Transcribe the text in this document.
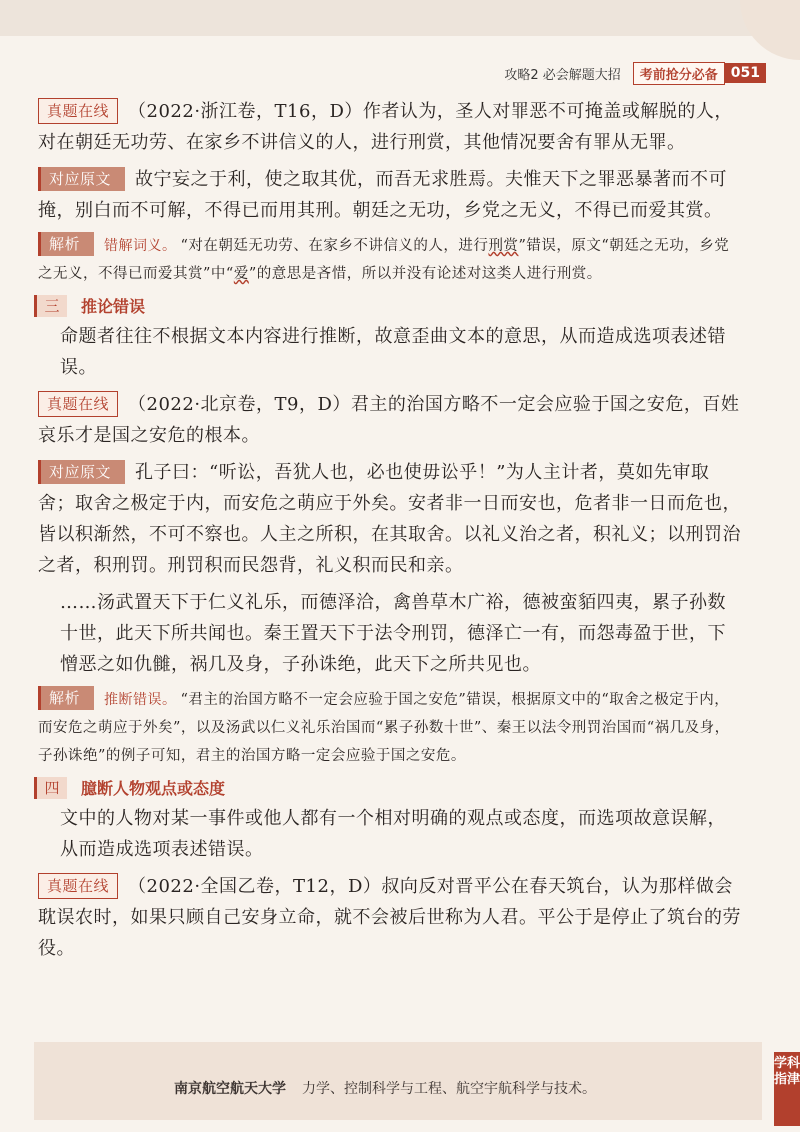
攻略2 必会解题大招	考前抢分必备 051

真题在线 （2022·浙江卷，T16，D）作者认为，圣人对罪恶不可掩盖或解脱的人，对在朝廷无功劳、在家乡不讲信义的人，进行刑赏，其他情况要舍有罪从无罪。

对应原文 故宁妄之于利，使之取其优，而吾无求胜焉。夫惟天下之罪恶暴著而不可掩，别白而不可解，不得已而用其刑。朝廷之无功，乡党之无义，不得已而爱其赏。

解析 错解词义。 “对在朝廷无功劳、在家乡不讲信义的人，进行刑赏”错误，原文“朝廷之无功，乡党之无义，不得已而爱其赏”中“爱”的意思是吝惜，所以并没有论述对这类人进行刑赏。

三	推论错误

命题者往往不根据文本内容进行推断，故意歪曲文本的意思，从而造成选项表述错误。

真题在线 （2022·北京卷，T9，D）君主的治国方略不一定会应验于国之安危，百姓哀乐才是国之安危的根本。

对应原文 孔子曰：“听讼，吾犹人也，必也使毋讼乎！”为人主计者，莫如先审取舍；取舍之极定于内，而安危之萌应于外矣。安者非一日而安也，危者非一日而危也，皆以积渐然，不可不察也。人主之所积，在其取舍。以礼义治之者，积礼义；以刑罚治之者，积刑罚。刑罚积而民怨背，礼义积而民和亲。

……汤武置天下于仁义礼乐，而德泽洽，禽兽草木广裕，德被蛮貊四夷，累子孙数十世，此天下所共闻也。秦王置天下于法令刑罚，德泽亡一有，而怨毒盈于世，下憎恶之如仇雠，祸几及身，子孙诛绝，此天下之所共见也。

解析 推断错误。 “君主的治国方略不一定会应验于国之安危”错误，根据原文中的“取舍之极定于内，而安危之萌应于外矣”，以及汤武以仁义礼乐治国而“累子孙数十世”、秦王以法令刑罚治国而“祸几及身，子孙诛绝”的例子可知，君主的治国方略一定会应验于国之安危。

四	臆断人物观点或态度

文中的人物对某一事件或他人都有一个相对明确的观点或态度，而选项故意误解，从而造成选项表述错误。

真题在线 （2022·全国乙卷，T12，D）叔向反对晋平公在春天筑台，认为那样做会耽误农时，如果只顾自己安身立命，就不会被后世称为人君。平公于是停止了筑台的劳役。

南京航空航天大学 力学、控制科学与工程、航空宇航科学与技术。
学科指津
